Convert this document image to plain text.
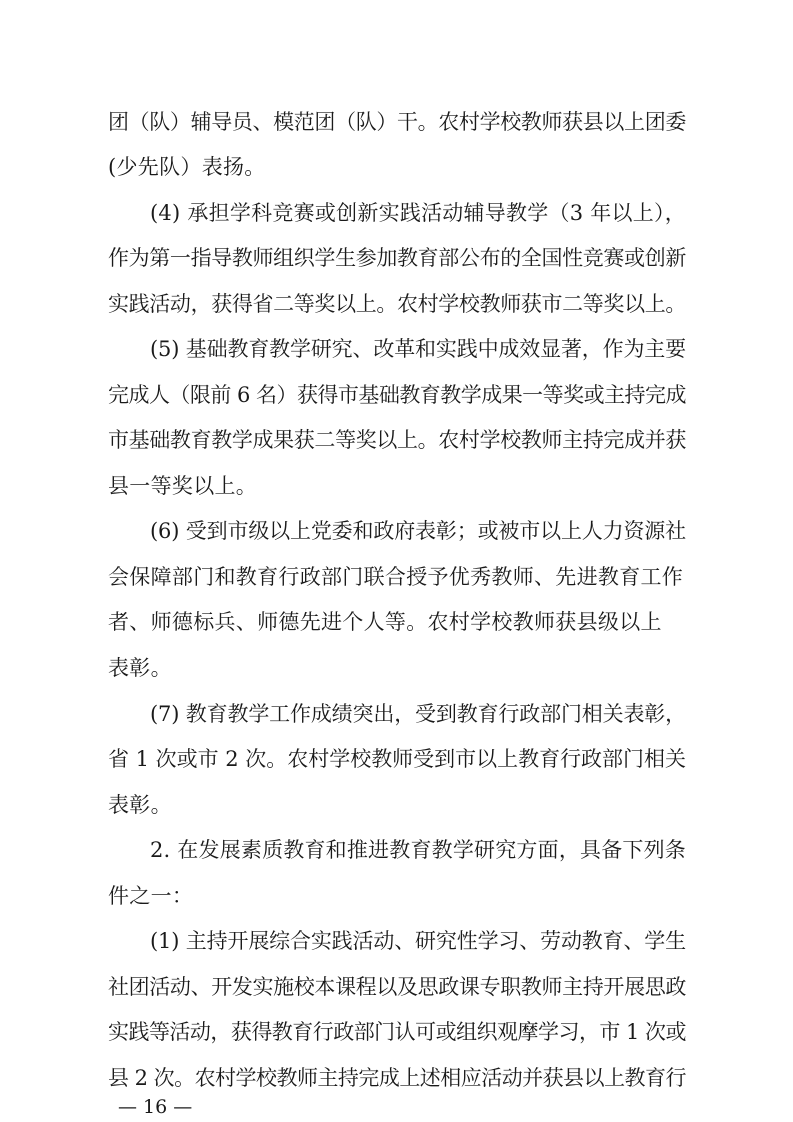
团（队）辅导员、模范团（队）干。农村学校教师获县以上团委
(少先队）表扬。
(4) 承担学科竞赛或创新实践活动辅导教学（3 年以上），
作为第一指导教师组织学生参加教育部公布的全国性竞赛或创新
实践活动，获得省二等奖以上。农村学校教师获市二等奖以上。
(5) 基础教育教学研究、改革和实践中成效显著，作为主要
完成人（限前 6 名）获得市基础教育教学成果一等奖或主持完成
市基础教育教学成果获二等奖以上。农村学校教师主持完成并获
县一等奖以上。
(6) 受到市级以上党委和政府表彰；或被市以上人力资源社
会保障部门和教育行政部门联合授予优秀教师、先进教育工作
者、师德标兵、师德先进个人等。农村学校教师获县级以上
表彰。
(7) 教育教学工作成绩突出，受到教育行政部门相关表彰，
省 1 次或市 2 次。农村学校教师受到市以上教育行政部门相关
表彰。
2. 在发展素质教育和推进教育教学研究方面，具备下列条
件之一：
(1) 主持开展综合实践活动、研究性学习、劳动教育、学生
社团活动、开发实施校本课程以及思政课专职教师主持开展思政
实践等活动，获得教育行政部门认可或组织观摩学习，市 1 次或
县 2 次。农村学校教师主持完成上述相应活动并获县以上教育行
— 16 —
